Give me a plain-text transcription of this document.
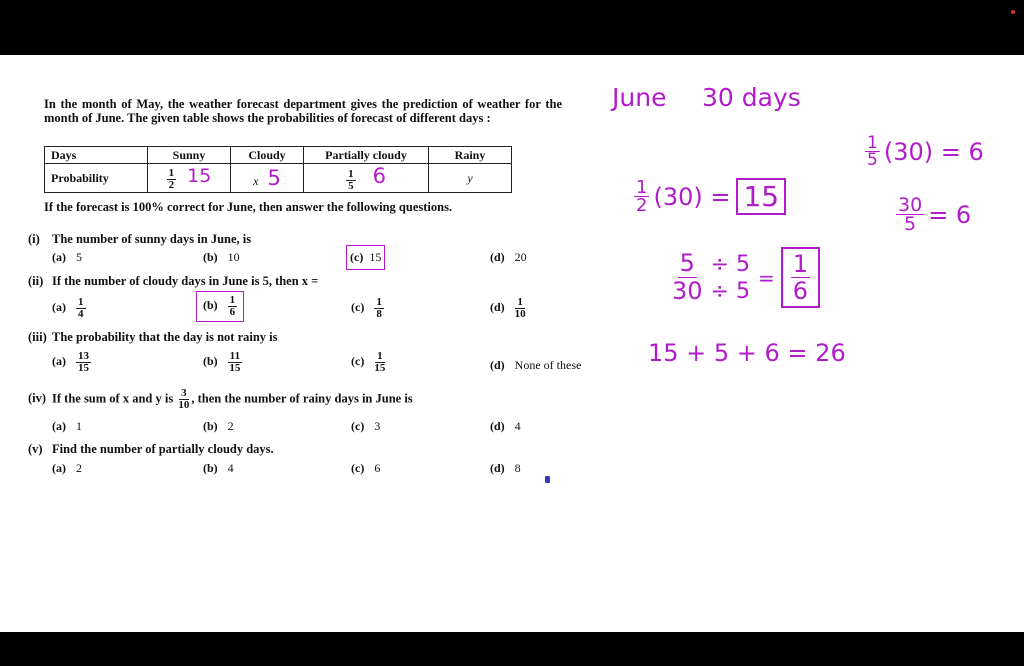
In the month of May, the weather forecast department gives the prediction of weather for the month of June. The given table shows the probabilities of forecast of different days :
Days	Sunny	Cloudy	Partially cloudy	Rainy
Probability	$\frac{1}{2} 15$	x 5	$\frac{1}{5} 6$	y
If the forecast is 100% correct for June, then answer the following questions.
(i) The number of sunny days in June, is
(a) 5	(b) 10	(c) 15	(d) 20
(ii) If the number of cloudy days in June is 5, then x =
$(a) \frac{1}{4}$	$(b) \frac{1}{6}$	$(c) \frac{1}{8}$	$(d) \frac{1}{10}$
(iii) The probability that the day is not rainy is
$(a) \frac{13}{15}$	$(b) \frac{11}{15}$	$(c) \frac{1}{15}$	(d) None of these
(iv) If the sum of x and y is $\frac{3}{10}$ , then the number of rainy days in June is
(a) 1	(b) 2	(c) 3	(d) 4
(v) Find the number of partially cloudy days.
(a) 2	(b) 4	(c) 6	(d) 8
June 30 days
1
2 (30) = 15
$\frac{5}{30} \div 5$
÷ 5
= 1
6
15 + 5 + 6 = 26
1
5 (30) = 6
$\frac{30}{5} = 6$
